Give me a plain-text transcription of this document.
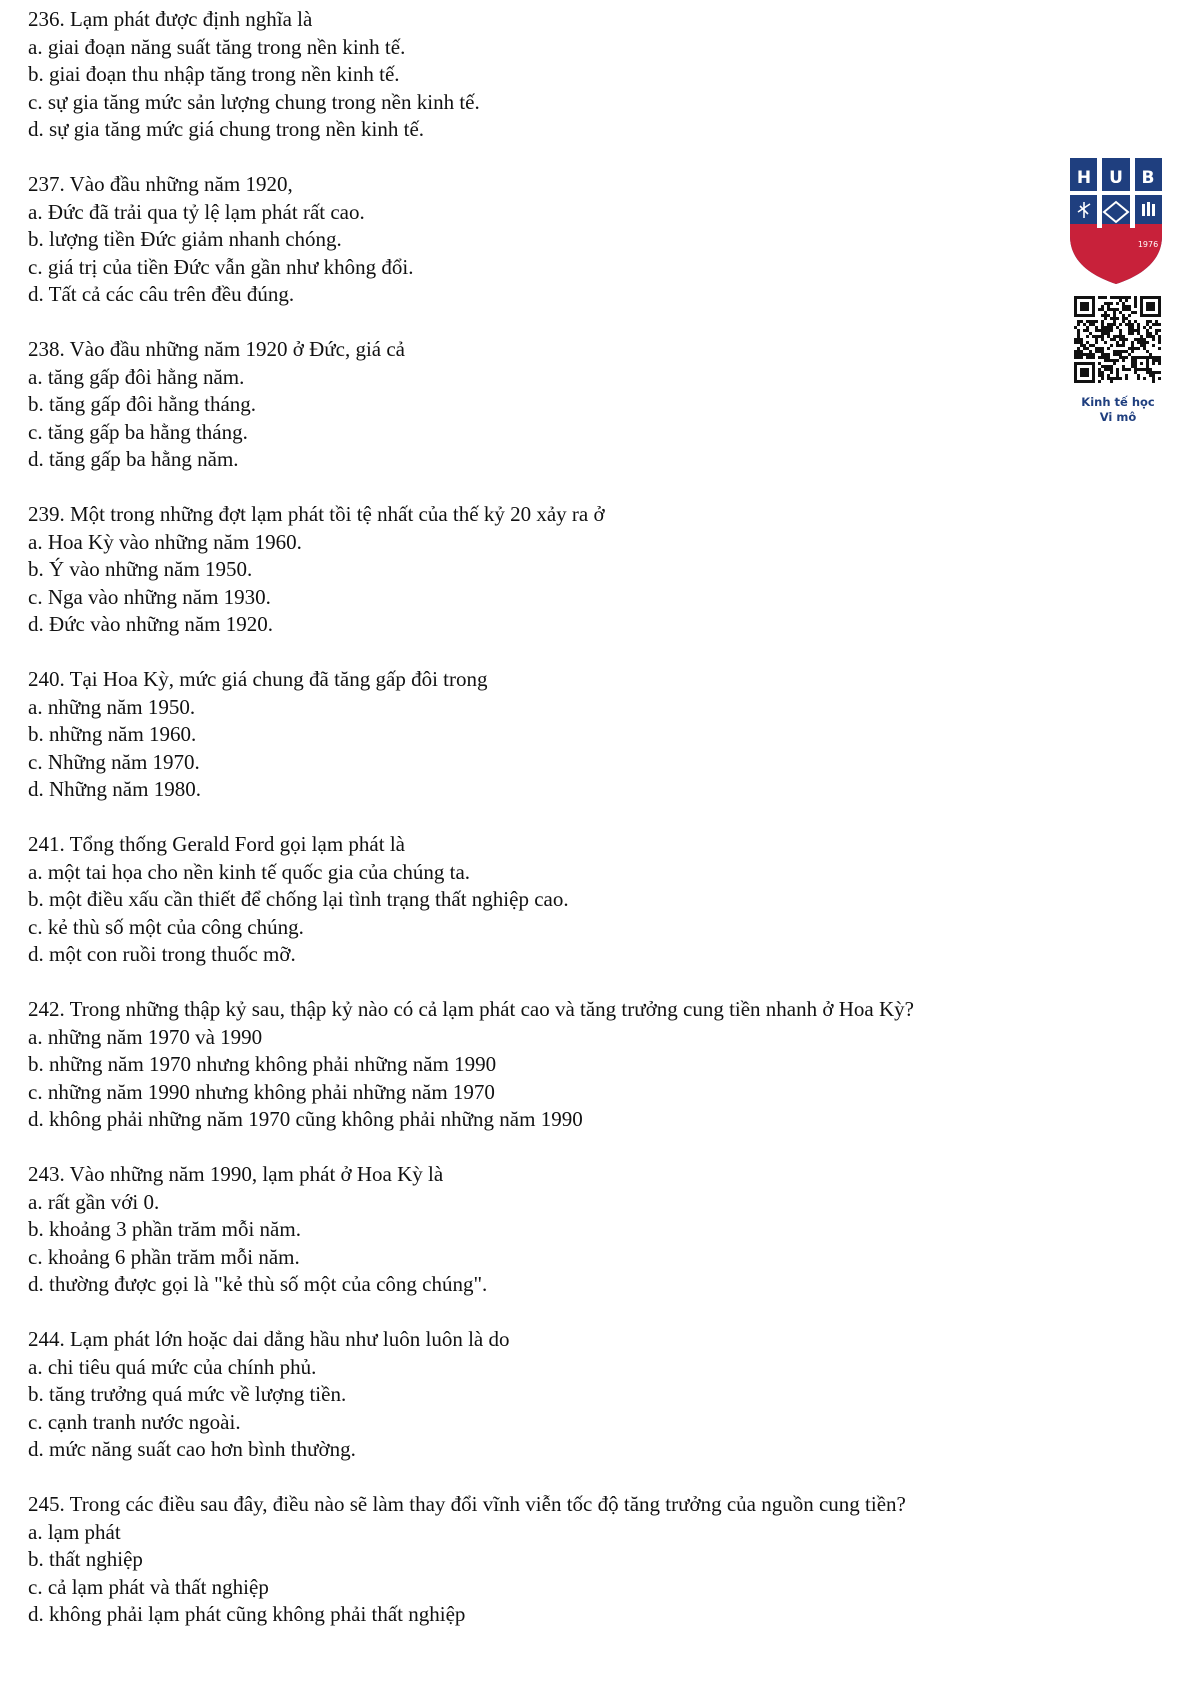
236. Lạm phát được định nghĩa là
a. giai đoạn năng suất tăng trong nền kinh tế.
b. giai đoạn thu nhập tăng trong nền kinh tế.
c. sự gia tăng mức sản lượng chung trong nền kinh tế.
d. sự gia tăng mức giá chung trong nền kinh tế.
237. Vào đầu những năm 1920,
a. Đức đã trải qua tỷ lệ lạm phát rất cao.
b. lượng tiền Đức giảm nhanh chóng.
c. giá trị của tiền Đức vẫn gần như không đổi.
d. Tất cả các câu trên đều đúng.
238. Vào đầu những năm 1920 ở Đức, giá cả
a. tăng gấp đôi hằng năm.
b. tăng gấp đôi hằng tháng.
c. tăng gấp ba hằng tháng.
d. tăng gấp ba hằng năm.
239. Một trong những đợt lạm phát tồi tệ nhất của thế kỷ 20 xảy ra ở
a. Hoa Kỳ vào những năm 1960.
b. Ý vào những năm 1950.
c. Nga vào những năm 1930.
d. Đức vào những năm 1920.
240. Tại Hoa Kỳ, mức giá chung đã tăng gấp đôi trong
a. những năm 1950.
b. những năm 1960.
c. Những năm 1970.
d. Những năm 1980.
241. Tổng thống Gerald Ford gọi lạm phát là
a. một tai họa cho nền kinh tế quốc gia của chúng ta.
b. một điều xấu cần thiết để chống lại tình trạng thất nghiệp cao.
c. kẻ thù số một của công chúng.
d. một con ruồi trong thuốc mỡ.
242. Trong những thập kỷ sau, thập kỷ nào có cả lạm phát cao và tăng trưởng cung tiền nhanh ở Hoa Kỳ?
a. những năm 1970 và 1990
b. những năm 1970 nhưng không phải những năm 1990
c. những năm 1990 nhưng không phải những năm 1970
d. không phải những năm 1970 cũng không phải những năm 1990
243. Vào những năm 1990, lạm phát ở Hoa Kỳ là
a. rất gần với 0.
b. khoảng 3 phần trăm mỗi năm.
c. khoảng 6 phần trăm mỗi năm.
d. thường được gọi là "kẻ thù số một của công chúng".
244. Lạm phát lớn hoặc dai dẳng hầu như luôn luôn là do
a. chi tiêu quá mức của chính phủ.
b. tăng trưởng quá mức về lượng tiền.
c. cạnh tranh nước ngoài.
d. mức năng suất cao hơn bình thường.
245. Trong các điều sau đây, điều nào sẽ làm thay đổi vĩnh viễn tốc độ tăng trưởng của nguồn cung tiền?
a. lạm phát
b. thất nghiệp
c. cả lạm phát và thất nghiệp
d. không phải lạm phát cũng không phải thất nghiệp
H U B
1976
Kinh tế học
Vi mô
